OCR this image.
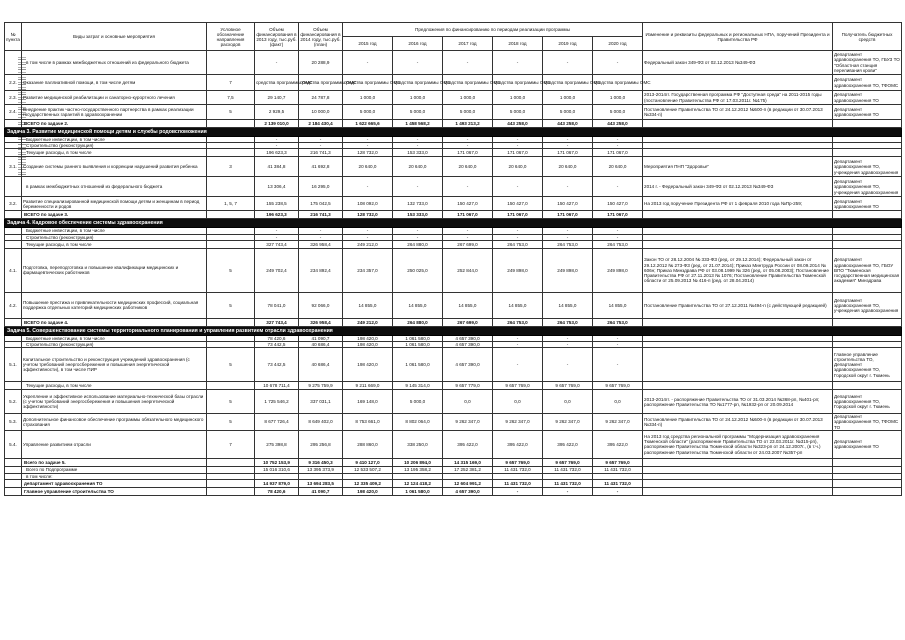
№ пункта	Виды затрат и основные мероприятия	Условное обозначение направления расходов	Объем финансирования в 2013 году, тыс.руб.(факт)	Объем финансирования в 2014 году, тыс.руб.(план)	Предложения по финансированию по периодам реализации программы						Изменение и реквизиты федеральных и региональных НПА, поручений Президента и Правительства РФ	Получатель бюджетных средств
					2015 год	2016 год	2017 год	2018 год	2019 год	2020 год		
	в том числе в рамках межбюджетных отношений из федерального бюджета		-	20 288,9	-	-	-	-	-	-	Федеральный закон 349-ФЗ от 02.12.2013 №349-ФЗ	Департамент здравоохранения ТО, ГБУЗ ТО "Областная станция переливания крови"
2.2.	Оказание паллиативной помощи, в том числе детям	7	средства программы ОМС	средства программы ОМС	средства программы ОМС	средства программы ОМС	средства программы ОМС	средства программы ОМС	средства программы ОМС	средства программы ОМС		Департамент здравоохранения ТО, ТФОМС
2.3.	Развитие медицинской реабилитации и санаторно-курортного лечения	7,5	29 140,7	24 787,8	1 000,0	1 000,0	1 000,0	1 000,0	1 000,0	1 000,0	2013-2014гг. Государственная программа РФ "Доступная среда" на 2011-2015 годы (постановление Правительства РФ от 17.03.2011г. №175)	Департамент здравоохранения ТО
2.4.	Внедрение практик частно-государственного партнерства в рамках реализации государственных гарантий в здравоохранении	5	2 929,5	10 000,0	5 000,0	5 000,0	5 000,0	5 000,0	5 000,0	5 000,0	Постановление Правительства ТО от 24.12.2012 №500-п (в редакции от 30.07.2013 №334-п)	Департамент здравоохранения ТО
	ВСЕГО по задаче 2.		2 139 010,0	2 184 430,4	1 622 665,6	1 458 568,2	1 493 213,2	443 258,0	443 258,0	443 258,0		
Задача 3. Развитие медицинской помощи детям и службы родовспоможения												
	Бюджетные инвестиции, в том числе		-	-	-	-	-	-	-	-		
	Строительство (реконструкция)		-	-	-	-	-	-	-	-		
	Текущие расходы, в том числе		196 623,3	216 741,3	128 732,0	153 333,0	171 067,0	171 067,0	171 067,0	171 067,0		
3.1.	Создание системы раннего выявления и коррекции нарушений развития ребенка	3	41 384,8	41 692,8	20 640,0	20 640,0	20 640,0	20 640,0	20 640,0	20 640,0	Мероприятия ПНП "Здоровье"	Департамент здравоохранения ТО, учреждения здравоохранения
	в рамках межбюджетных отношений из федерального бюджета		13 306,4	16 295,0	-	-	-	-	-	-	2014 г. - Федеральный закон 349-ФЗ от 02.12.2013 №349-ФЗ	Департамент здравоохранения ТО, учреждения здравоохранения
3.2.	Развитие специализированной медицинской помощи детям и женщинам в период беременности и родов	1, 5, 7	155 238,5	175 042,5	108 092,0	132 733,0	150 427,0	150 427,0	150 427,0	150 427,0	На 2013 год поручение Президента РФ от 1 февраля 2010 года №Пр-259;	Департамент здравоохранения ТО
	ВСЕГО по задаче 3.		196 623,3	216 741,3	128 732,0	153 333,0	171 067,0	171 067,0	171 067,0	171 067,0		
Задача 4. Кадровое обеспечение системы здравоохранения												
	Бюджетные инвестиции, в том числе		-	-	-	-	-	-	-	-		
	Строительство (реконструкция)		-	-	-	-	-	-	-	-		
	Текущие расходы, в том числе		327 743,4	326 958,4	249 212,0	264 880,0	267 699,0	264 753,0	264 753,0	264 753,0		
4.1.	Подготовка, переподготовка и повышение квалификации медицинских и фармацевтических работников	5	249 702,4	234 892,4	234 357,0	250 025,0	252 844,0	249 898,0	249 898,0	249 898,0	Закон ТО от 28.12.2004 № 333-ФЗ (ред. от 29.12.2014); Федеральный закон от 29.12.2012 № 273-ФЗ (ред. от 21.07.2014); Приказ Минтруда России от 08.09.2014 № 606н; Приказ Минздрава РФ от 03.08.1999 № 326 (ред. от 05.08.2003); Постановление Правительства РФ от 27.11.2013 № 1076; Постановление Правительства Тюменской области от 25.09.2013 № 416-п (ред. от 28.04.2014)	Департамент здравоохранения ТО, ГБОУ ВПО "Тюменская государственная медицинская академия" Минздрава
4.2.	Повышение престижа и привлекательности медицинских профессий, социальная поддержка отдельных категорий медицинских работников	5	78 041,0	92 066,0	14 855,0	14 855,0	14 855,0	14 855,0	14 855,0	14 855,0	Постановление Правительства ТО от 27.12.2011 №494-п (с действующей редакцией)	Департамент здравоохранения ТО, учреждения здравоохранения
	ВСЕГО по задаче 4.		327 743,4	326 958,4	249 212,0	264 880,0	267 699,0	264 753,0	264 753,0	264 753,0		
Задача 5. Совершенствование системы территориального планирования и управления развитием отрасли здравоохранения												
	Бюджетные инвестиции, в том числе		78 420,6	41 090,7	198 420,0	1 061 580,0	4 657 390,0	-	-	-		
	Строительство (реконструкция)		73 442,5	40 686,4	198 420,0	1 061 580,0	4 657 390,0	-	-	-		
5.1.	Капитальное строительство и реконструкция учреждений здравоохранения (с учетом требований энергосбережения и повышения энергетической эффективности), в том числе ПИР	5	73 442,5	40 686,4	198 420,0	1 061 580,0	4 657 390,0	-	-	-		Главное управление строительства ТО, Департамент здравоохранения ТО, Городской округ г. Тюмень
	Текущие расходы, в том числе		10 678 711,4	9 275 759,9	9 211 669,0	9 145 314,0	9 657 779,0	9 657 769,0	9 657 769,0	9 657 769,0		
5.2.	Укрепление и эффективное использование материально-технической базы отрасли (с учетом требований энергосбережения и повышения энергетической эффективности)	5	1 725 546,2	337 031,1	169 148,0	5 000,0	0,0	0,0	0,0	0,0	2013-2014гг. - распоряжение Правительства ТО от 31.03.2014 №368-рп, №401-рп; распоряжение Правительства ТО №1777-рп, №1932-рп от 20.09.2014	Департамент здравоохранения ТО, Городской округ г. Тюмень
5.3.	Дополнительное финансовое обеспечение программы обязательного медицинского страхования	5	8 677 726,4	8 649 402,0	8 753 661,0	8 802 064,0	9 262 347,0	9 262 347,0	9 262 347,0	9 262 347,0	Постановление Правительства ТО от 24.12.2012 №500-п (в редакции от 30.07.2013 №334-п)	Департамент здравоохранения ТО, ТФОМС ТО
5.4.	Управление развитием отрасли	7	275 398,8	295 256,8	288 860,0	338 250,0	395 422,0	395 422,0	395 422,0	395 422,0	На 2013 год средства региональной программы "Модернизация здравоохранения Тюменской области" (распоряжение Правительства ТО от 23.03.2011г. №315-рп), распоряжение Правительства Тюменской области №323-рп от 24.12.2007г., (в т.ч.) распоряжение Правительства Тюменской области от 24.03.2007 №357-рп	Департамент здравоохранения ТО
	Всего по задаче 5.		10 752 153,9	9 316 450,3	9 410 127,0	10 206 894,0	14 315 169,0	9 657 769,0	9 657 769,0	9 657 769,0		
	Всего по Подпрограмме		15 016 310,6	13 395 373,9	12 533 507,2	13 195 358,2	17 252 381,2	11 431 732,0	11 431 732,0	11 431 732,0		
	в том числе:											
	департамент здравоохранения ТО		14 937 879,0	13 694 283,5	12 335 409,2	12 124 418,2	12 604 991,2	11 431 732,0	11 431 732,0	11 431 732,0		
	Главное управление строительства ТО		78 420,6	41 090,7	198 420,0	1 061 580,0	4 657 390,0	-	-	-		
